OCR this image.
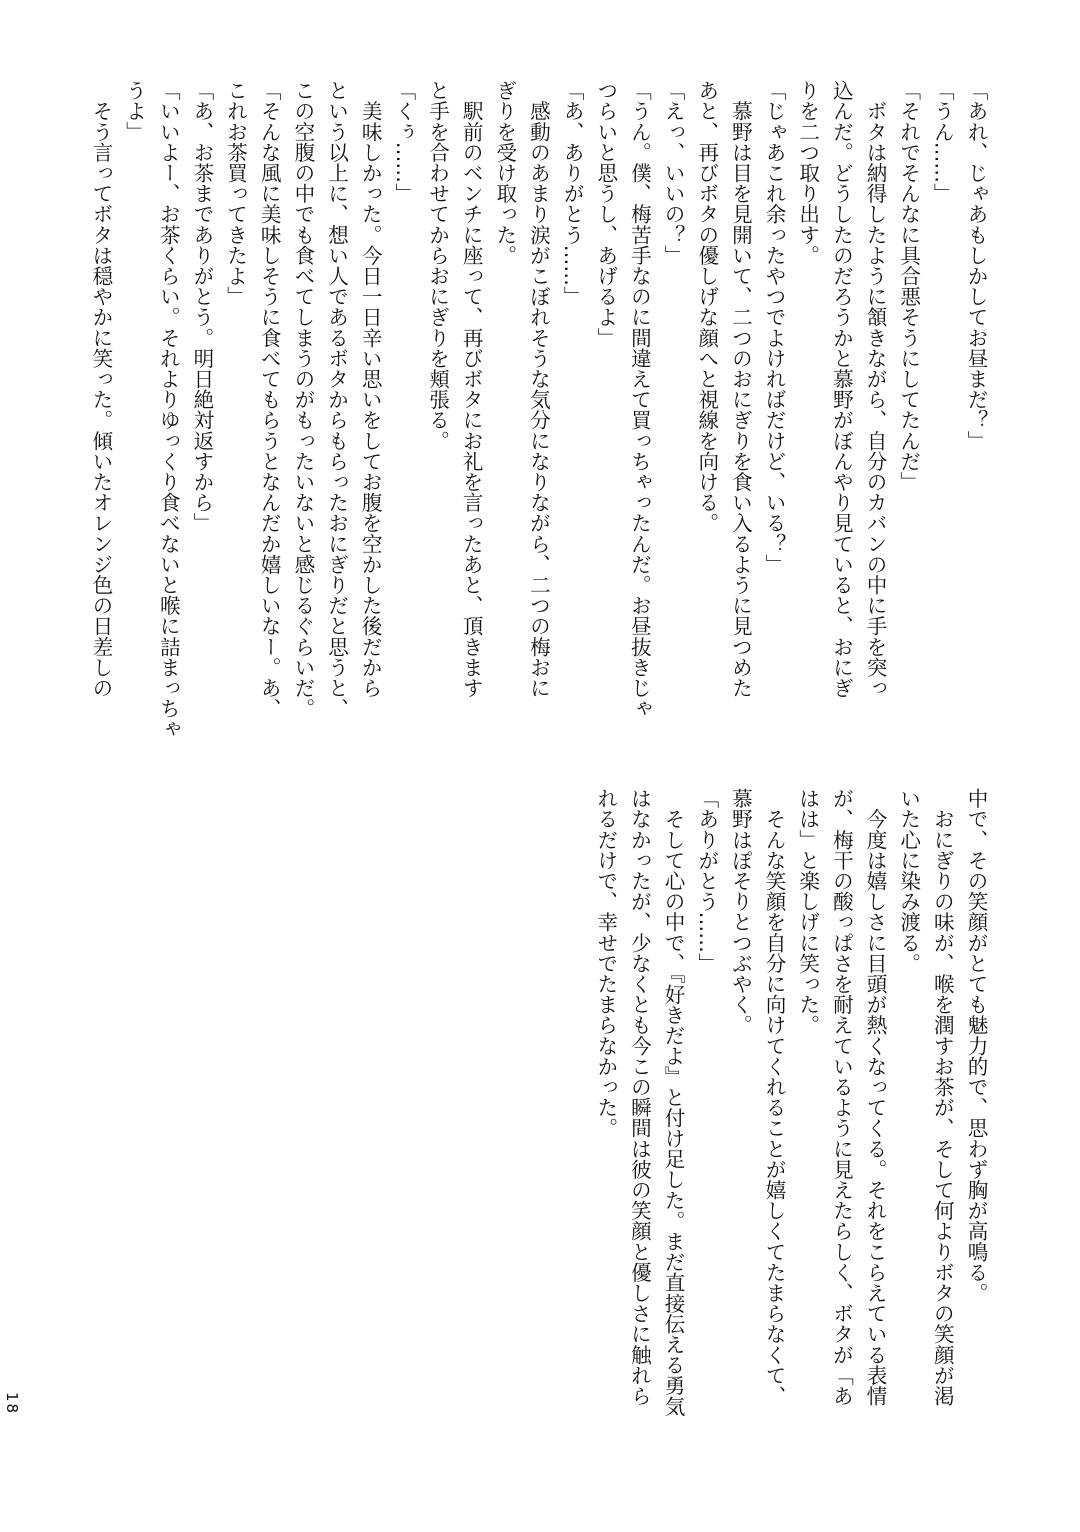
「あれ、じゃあもしかしてお昼まだ？」
「うん……」
「それでそんなに具合悪そうにしてたんだ」
　ボタは納得したように頷きながら、自分のカバンの中に手を突っ
込んだ。どうしたのだろうかと慕野がぼんやり見ていると、おにぎ
りを二つ取り出す。
「じゃあこれ余ったやつでよければだけど、いる？」
　慕野は目を見開いて、二つのおにぎりを食い入るように見つめた
あと、再びボタの優しげな顔へと視線を向ける。
「えっ、いいの？」
「うん。僕、梅苦手なのに間違えて買っちゃったんだ。お昼抜きじゃ
つらいと思うし、あげるよ」
「あ、ありがとう……」
　感動のあまり涙がこぼれそうな気分になりながら、二つの梅おに
ぎりを受け取った。
　駅前のベンチに座って、再びボタにお礼を言ったあと、頂きます
と手を合わせてからおにぎりを頬張る。
「くぅ……」
　美味しかった。今日一日辛い思いをしてお腹を空かした後だから
という以上に、想い人であるボタからもらったおにぎりだと思うと、
この空腹の中でも食べてしまうのがもったいないと感じるぐらいだ。
「そんな風に美味しそうに食べてもらうとなんだか嬉しいなー。あ、
これお茶買ってきたよ」
「あ、お茶までありがとう。明日絶対返すから」
「いいよー、お茶くらい。それよりゆっくり食べないと喉に詰まっちゃ
うよ」
　そう言ってボタは穏やかに笑った。傾いたオレンジ色の日差しの
中で、その笑顔がとても魅力的で、思わず胸が高鳴る。
　おにぎりの味が、喉を潤すお茶が、そして何よりボタの笑顔が渇
いた心に染み渡る。
　今度は嬉しさに目頭が熱くなってくる。それをこらえている表情
が、梅干の酸っぱさを耐えているように見えたらしく、ボタが「あ
はは」と楽しげに笑った。
　そんな笑顔を自分に向けてくれることが嬉しくてたまらなくて、
慕野はぽそりとつぶやく。
「ありがとう……」
　そして心の中で、『好きだよ』と付け足した。まだ直接伝える勇気
はなかったが、少なくとも今この瞬間は彼の笑顔と優しさに触れら
れるだけで、幸せでたまらなかった。
18
